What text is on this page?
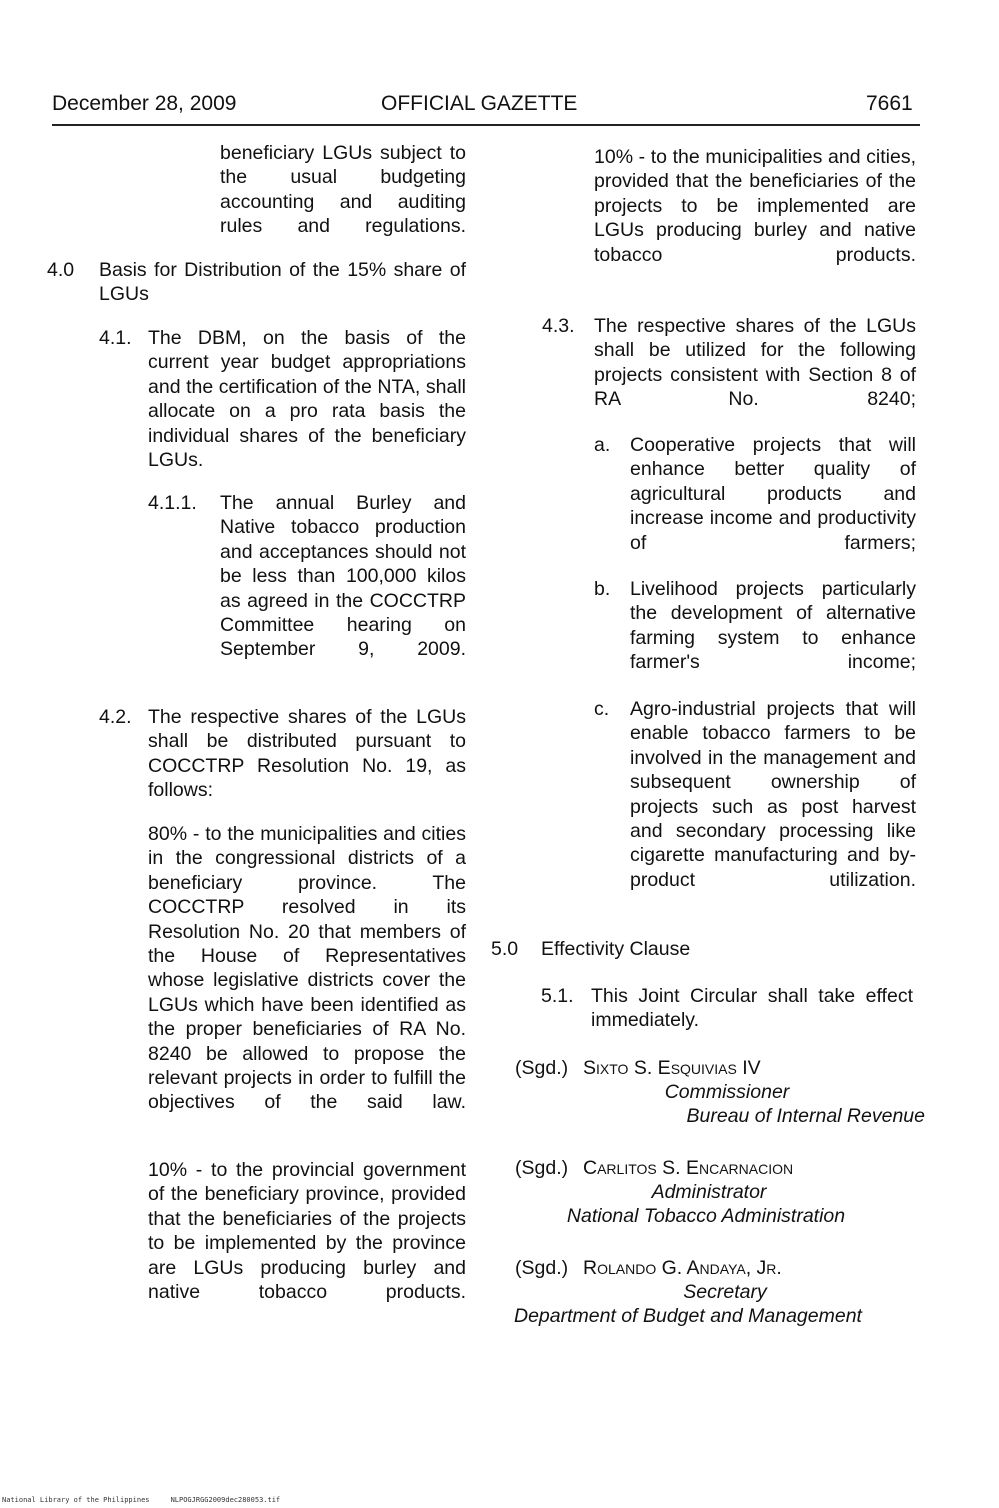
December 28, 2009	OFFICIAL GAZETTE	7661
beneficiary LGUs subject to the usual budgeting accounting and auditing rules and regulations.
4.0 Basis for Distribution of the 15% share of LGUs
4.1. The DBM, on the basis of the current year budget appropriations and the certification of the NTA, shall allocate on a pro rata basis the individual shares of the beneficiary LGUs.
4.1.1. The annual Burley and Native tobacco production and acceptances should not be less than 100,000 kilos as agreed in the COCCTRP Committee hearing on September 9, 2009.
4.2. The respective shares of the LGUs shall be distributed pursuant to COCCTRP Resolution No. 19, as follows:
80% - to the municipalities and cities in the congressional districts of a beneficiary province. The COCCTRP resolved in its Resolution No. 20 that members of the House of Representatives whose legislative districts cover the LGUs which have been identified as the proper beneficiaries of RA No. 8240 be allowed to propose the relevant projects in order to fulfill the objectives of the said law.
10% - to the provincial government of the beneficiary province, provided that the beneficiaries of the projects to be implemented by the province are LGUs producing burley and native tobacco products.
10% - to the municipalities and cities, provided that the beneficiaries of the projects to be implemented are LGUs producing burley and native tobacco products.
4.3. The respective shares of the LGUs shall be utilized for the following projects consistent with Section 8 of RA No. 8240;
a. Cooperative projects that will enhance better quality of agricultural products and increase income and productivity of farmers;
b. Livelihood projects particularly the development of alternative farming system to enhance farmer's income;
c. Agro-industrial projects that will enable tobacco farmers to be involved in the management and subsequent ownership of projects such as post harvest and secondary processing like cigarette manufacturing and by-product utilization.
5.0 Effectivity Clause
5.1. This Joint Circular shall take effect immediately.
(Sgd.) Sixto S. Esquivias IV
Commissioner
Bureau of Internal Revenue
(Sgd.) Carlitos S. Encarnacion
Administrator
National Tobacco Administration
(Sgd.) Rolando G. Andaya, Jr.
Secretary
Department of Budget and Management
National Library of the Philippines     NLPOGJRGG2009dec280053.tif
